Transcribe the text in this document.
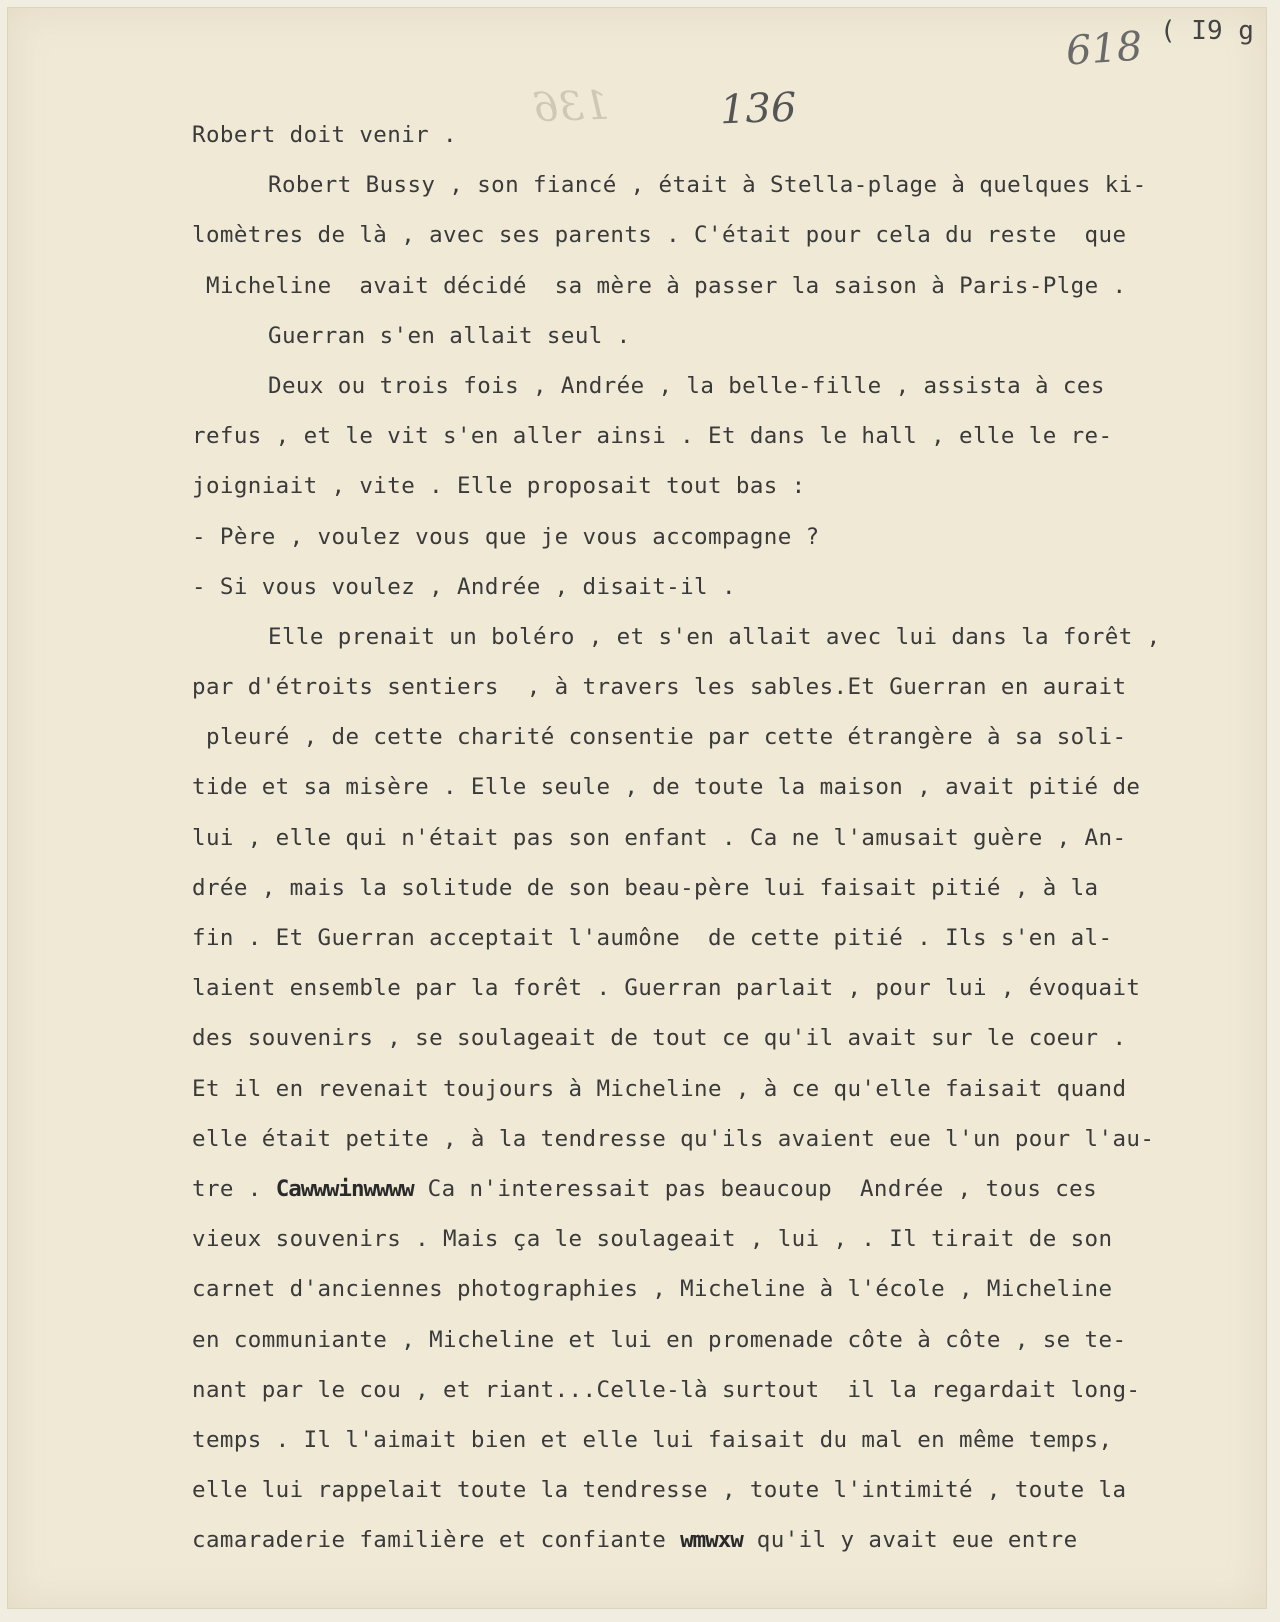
136
618 ( I9 g
136
Robert doit venir .
Robert Bussy , son fiancé , était à Stella-plage à quelques ki-
lomètres de là , avec ses parents . C'était pour cela du reste  que
Micheline  avait décidé  sa mère à passer la saison à Paris-Plge .
Guerran s'en allait seul .
Deux ou trois fois , Andrée , la belle-fille , assista à ces
refus , et le vit s'en aller ainsi . Et dans le hall , elle le re-
joigniait , vite . Elle proposait tout bas :
- Père , voulez vous que je vous accompagne ?
- Si vous voulez , Andrée , disait-il .
Elle prenait un boléro , et s'en allait avec lui dans la forêt ,
par d'étroits sentiers  , à travers les sables.Et Guerran en aurait
pleuré , de cette charité consentie par cette étrangère à sa soli-
tide et sa misère . Elle seule , de toute la maison , avait pitié de
lui , elle qui n'était pas son enfant . Ca ne l'amusait guère , An-
drée , mais la solitude de son beau-père lui faisait pitié , à la
fin . Et Guerran acceptait l'aumône  de cette pitié . Ils s'en al-
laient ensemble par la forêt . Guerran parlait , pour lui , évoquait
des souvenirs , se soulageait de tout ce qu'il avait sur le coeur .
Et il en revenait toujours à Micheline , à ce qu'elle faisait quand
elle était petite , à la tendresse qu'ils avaient eue l'un pour l'au-
tre . Cawwwinwwww Ca n'interessait pas beaucoup  Andrée , tous ces
vieux souvenirs . Mais ça le soulageait , lui , . Il tirait de son
carnet d'anciennes photographies , Micheline à l'école , Micheline
en communiante , Micheline et lui en promenade côte à côte , se te-
nant par le cou , et riant...Celle-là surtout  il la regardait long-
temps . Il l'aimait bien et elle lui faisait du mal en même temps,
elle lui rappelait toute la tendresse , toute l'intimité , toute la
camaraderie familière et confiante wmwxw qu'il y avait eue entre
